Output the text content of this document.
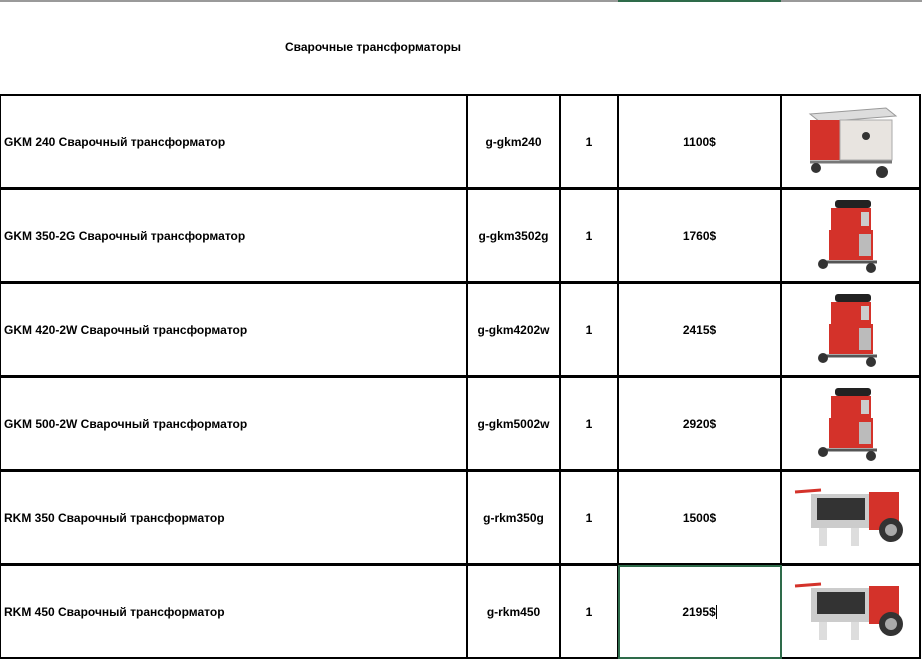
Сварочные трансформаторы
GKM 240 Сварочный трансформатор	g-gkm240	1	1100$
GKM 350-2G Сварочный трансформатор	g-gkm3502g	1	1760$
GKM 420-2W Сварочный трансформатор	g-gkm4202w	1	2415$
GKM 500-2W Сварочный трансформатор	g-gkm5002w	1	2920$
RKM 350 Сварочный трансформатор	g-rkm350g	1	1500$
RKM 450 Сварочный трансформатор	g-rkm450	1	2195$
